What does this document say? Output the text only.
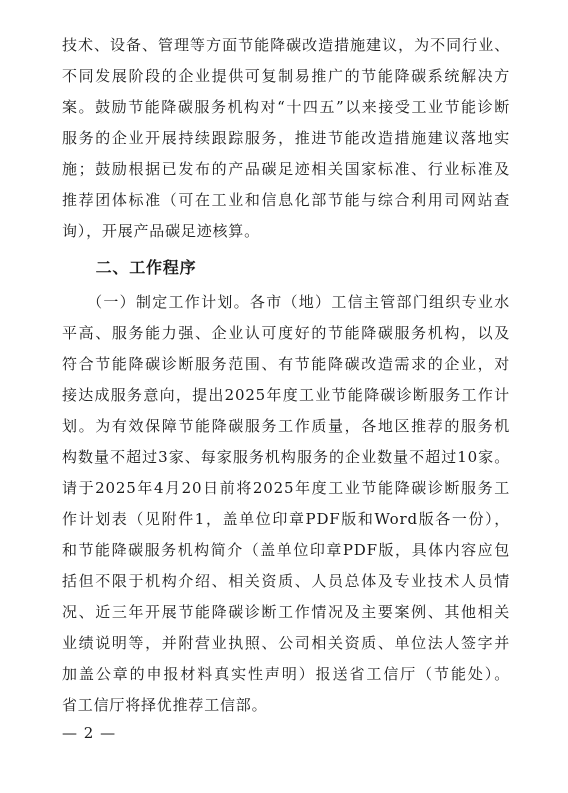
技术、设备、管理等方面节能降碳改造措施建议，为不同行业、
不同发展阶段的企业提供可复制易推广的节能降碳系统解决方
案。鼓励节能降碳服务机构对“十四五”以来接受工业节能诊断
服务的企业开展持续跟踪服务，推进节能改造措施建议落地实
施；鼓励根据已发布的产品碳足迹相关国家标准、行业标准及
推荐团体标准（可在工业和信息化部节能与综合利用司网站查
询），开展产品碳足迹核算。
　　二、工作程序
　　（一）制定工作计划。各市（地）工信主管部门组织专业水
平高、服务能力强、企业认可度好的节能降碳服务机构，以及
符合节能降碳诊断服务范围、有节能降碳改造需求的企业，对
接达成服务意向，提出2025年度工业节能降碳诊断服务工作计
划。为有效保障节能降碳服务工作质量，各地区推荐的服务机
构数量不超过3家、每家服务机构服务的企业数量不超过10家。
请于2025年4月20日前将2025年度工业节能降碳诊断服务工
作计划表（见附件1，盖单位印章PDF版和Word版各一份），
和节能降碳服务机构简介（盖单位印章PDF版，具体内容应包
括但不限于机构介绍、相关资质、人员总体及专业技术人员情
况、近三年开展节能降碳诊断工作情况及主要案例、其他相关
业绩说明等，并附营业执照、公司相关资质、单位法人签字并
加盖公章的申报材料真实性声明）报送省工信厅（节能处）。
省工信厅将择优推荐工信部。
— 2 —
